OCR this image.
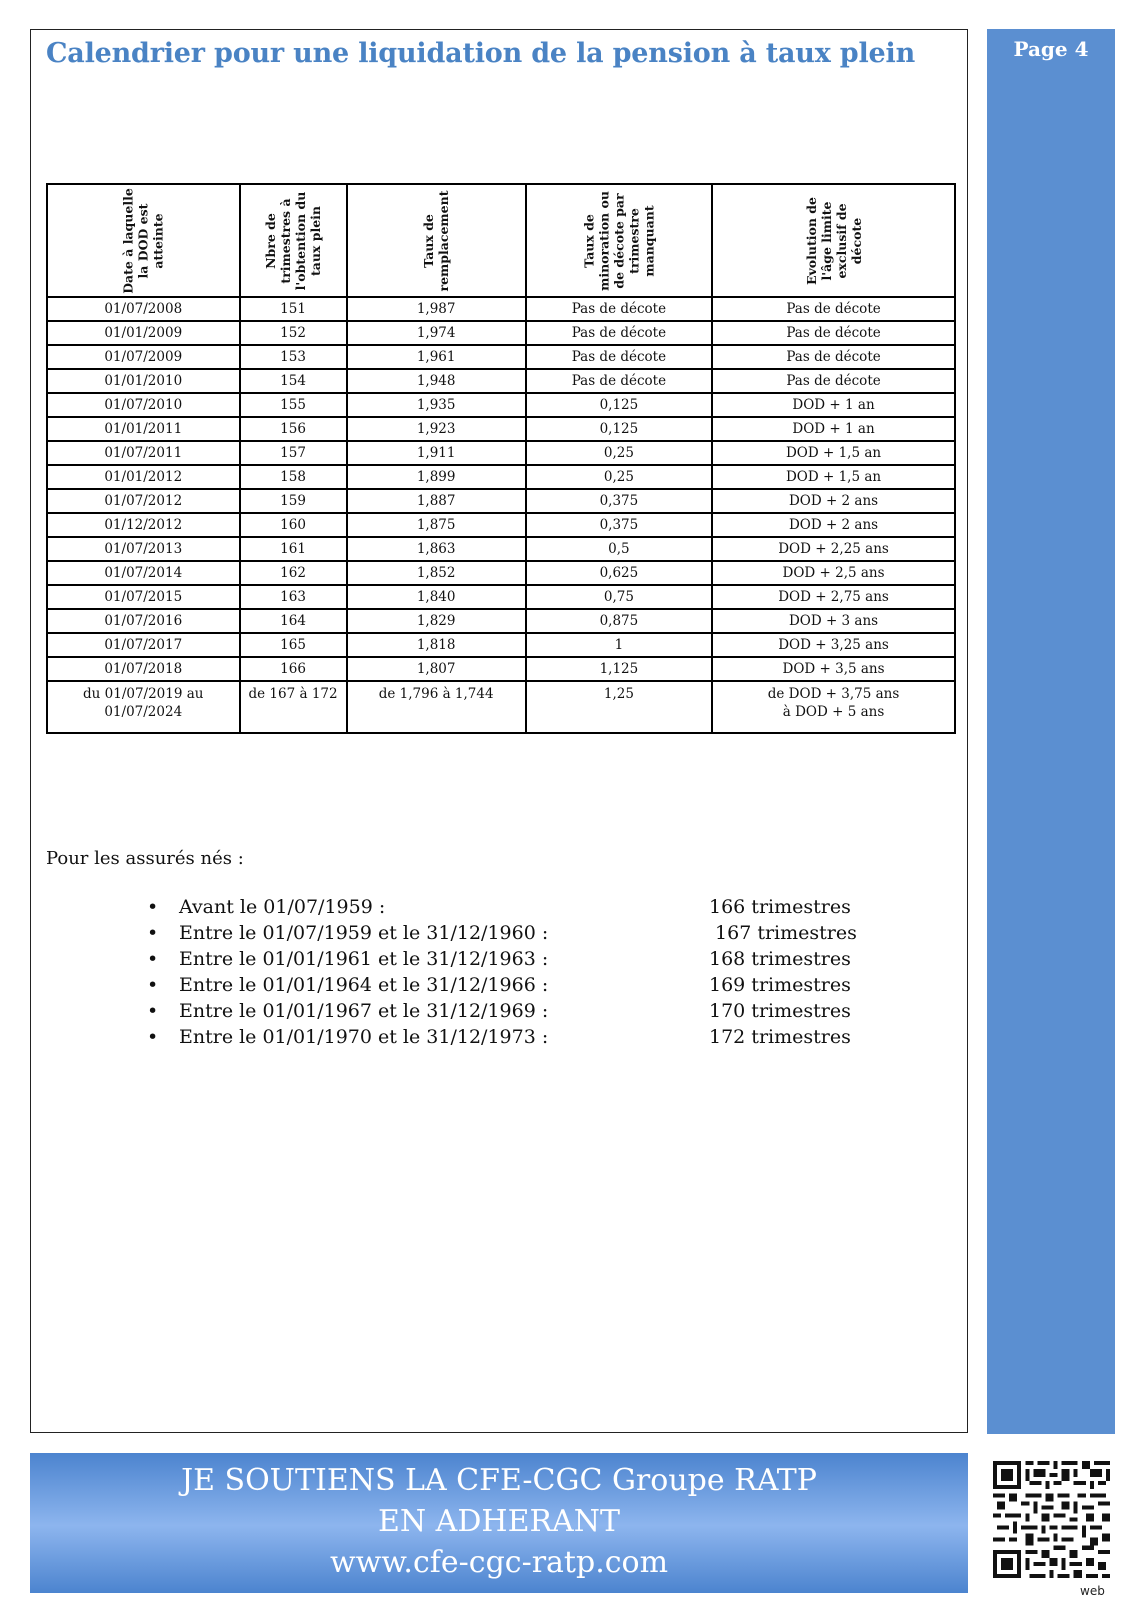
Calendrier pour une liquidation de la pension à taux plein
Date à laquelle
la DOD est
atteinte	Nbre de
trimestres à
l'obtention du
taux plein	Taux de
remplacement	Taux de
minoration ou
de décote par
trimestre
manquant	Evolution de
l'âge limite
exclusif de
décote

01/07/2008	151	1,987	Pas de décote	Pas de décote
01/01/2009	152	1,974	Pas de décote	Pas de décote
01/07/2009	153	1,961	Pas de décote	Pas de décote
01/01/2010	154	1,948	Pas de décote	Pas de décote
01/07/2010	155	1,935	0,125	DOD + 1 an
01/01/2011	156	1,923	0,125	DOD + 1 an
01/07/2011	157	1,911	0,25	DOD + 1,5 an
01/01/2012	158	1,899	0,25	DOD + 1,5 an
01/07/2012	159	1,887	0,375	DOD + 2 ans
01/12/2012	160	1,875	0,375	DOD + 2 ans
01/07/2013	161	1,863	0,5	DOD + 2,25 ans
01/07/2014	162	1,852	0,625	DOD + 2,5 ans
01/07/2015	163	1,840	0,75	DOD + 2,75 ans
01/07/2016	164	1,829	0,875	DOD + 3 ans
01/07/2017	165	1,818	1	DOD + 3,25 ans
01/07/2018	166	1,807	1,125	DOD + 3,5 ans
du 01/07/2019 au
01/07/2024	de 167 à 172	de 1,796 à 1,744	1,25	de DOD + 3,75 ans
à DOD + 5 ans

Pour les assurés nés :

• Avant le 01/07/1959 :	166 trimestres
• Entre le 01/07/1959 et le 31/12/1960 :	167 trimestres
• Entre le 01/01/1961 et le 31/12/1963 :	168 trimestres
• Entre le 01/01/1964 et le 31/12/1966 :	169 trimestres
• Entre le 01/01/1967 et le 31/12/1969 :	170 trimestres
• Entre le 01/01/1970 et le 31/12/1973 :	172 trimestres
Page 4
JE SOUTIENS LA CFE-CGC Groupe RATP
EN ADHERANT
www.cfe-cgc-ratp.com
web
